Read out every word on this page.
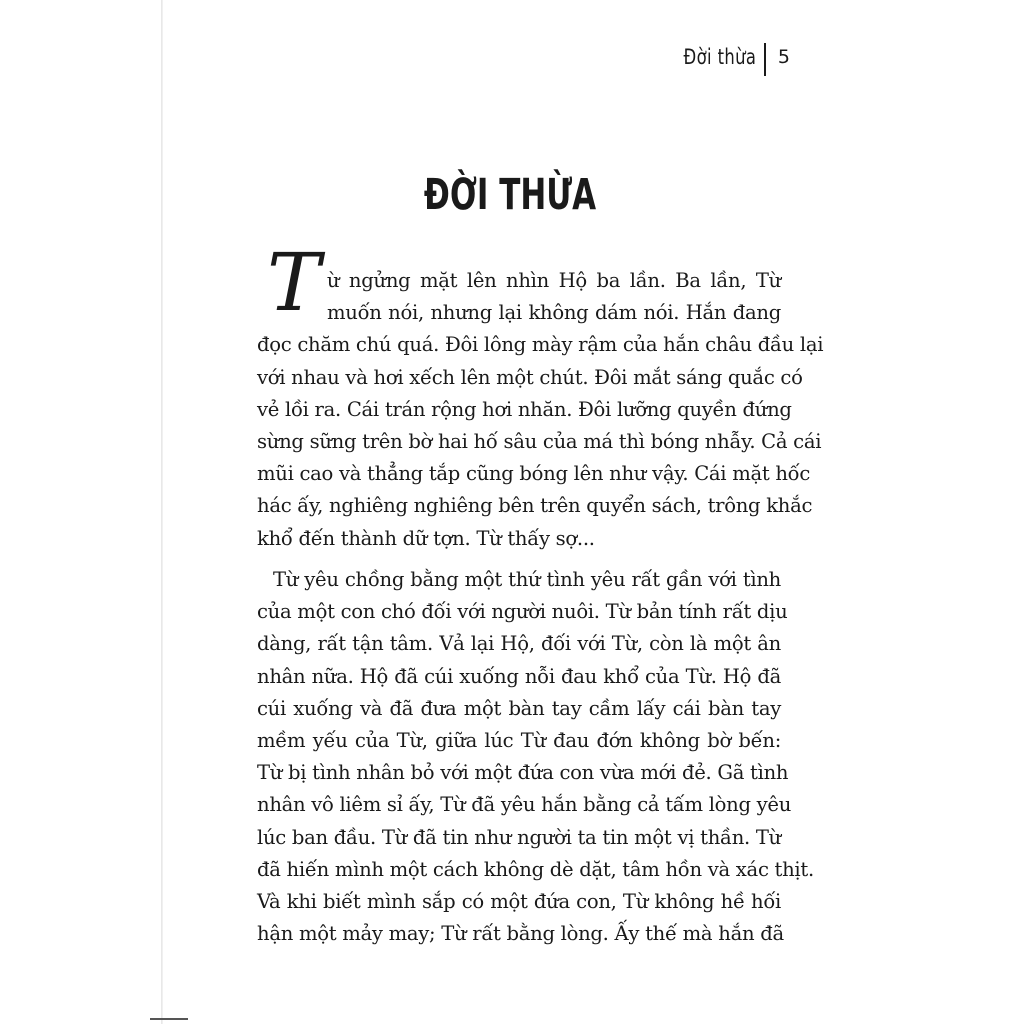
Đời thừa 5
ĐỜI THỪA
T ừ ngửng mặt lên nhìn Hộ ba lần. Ba lần, Từ
muốn nói, nhưng lại không dám nói. Hắn đang
đọc chăm chú quá. Đôi lông mày rậm của hắn châu đầu lại
với nhau và hơi xếch lên một chút. Đôi mắt sáng quắc có
vẻ lồi ra. Cái trán rộng hơi nhăn. Đôi lưỡng quyền đứng
sừng sững trên bờ hai hố sâu của má thì bóng nhẫy. Cả cái
mũi cao và thẳng tắp cũng bóng lên như vậy. Cái mặt hốc
hác ấy, nghiêng nghiêng bên trên quyển sách, trông khắc
khổ đến thành dữ tợn. Từ thấy sợ...
Từ yêu chồng bằng một thứ tình yêu rất gần với tình
của một con chó đối với người nuôi. Từ bản tính rất dịu
dàng, rất tận tâm. Vả lại Hộ, đối với Từ, còn là một ân
nhân nữa. Hộ đã cúi xuống nỗi đau khổ của Từ. Hộ đã
cúi xuống và đã đưa một bàn tay cầm lấy cái bàn tay
mềm yếu của Từ, giữa lúc Từ đau đớn không bờ bến:
Từ bị tình nhân bỏ với một đứa con vừa mới đẻ. Gã tình
nhân vô liêm sỉ ấy, Từ đã yêu hắn bằng cả tấm lòng yêu
lúc ban đầu. Từ đã tin như người ta tin một vị thần. Từ
đã hiến mình một cách không dè dặt, tâm hồn và xác thịt.
Và khi biết mình sắp có một đứa con, Từ không hề hối
hận một mảy may; Từ rất bằng lòng. Ấy thế mà hắn đã
